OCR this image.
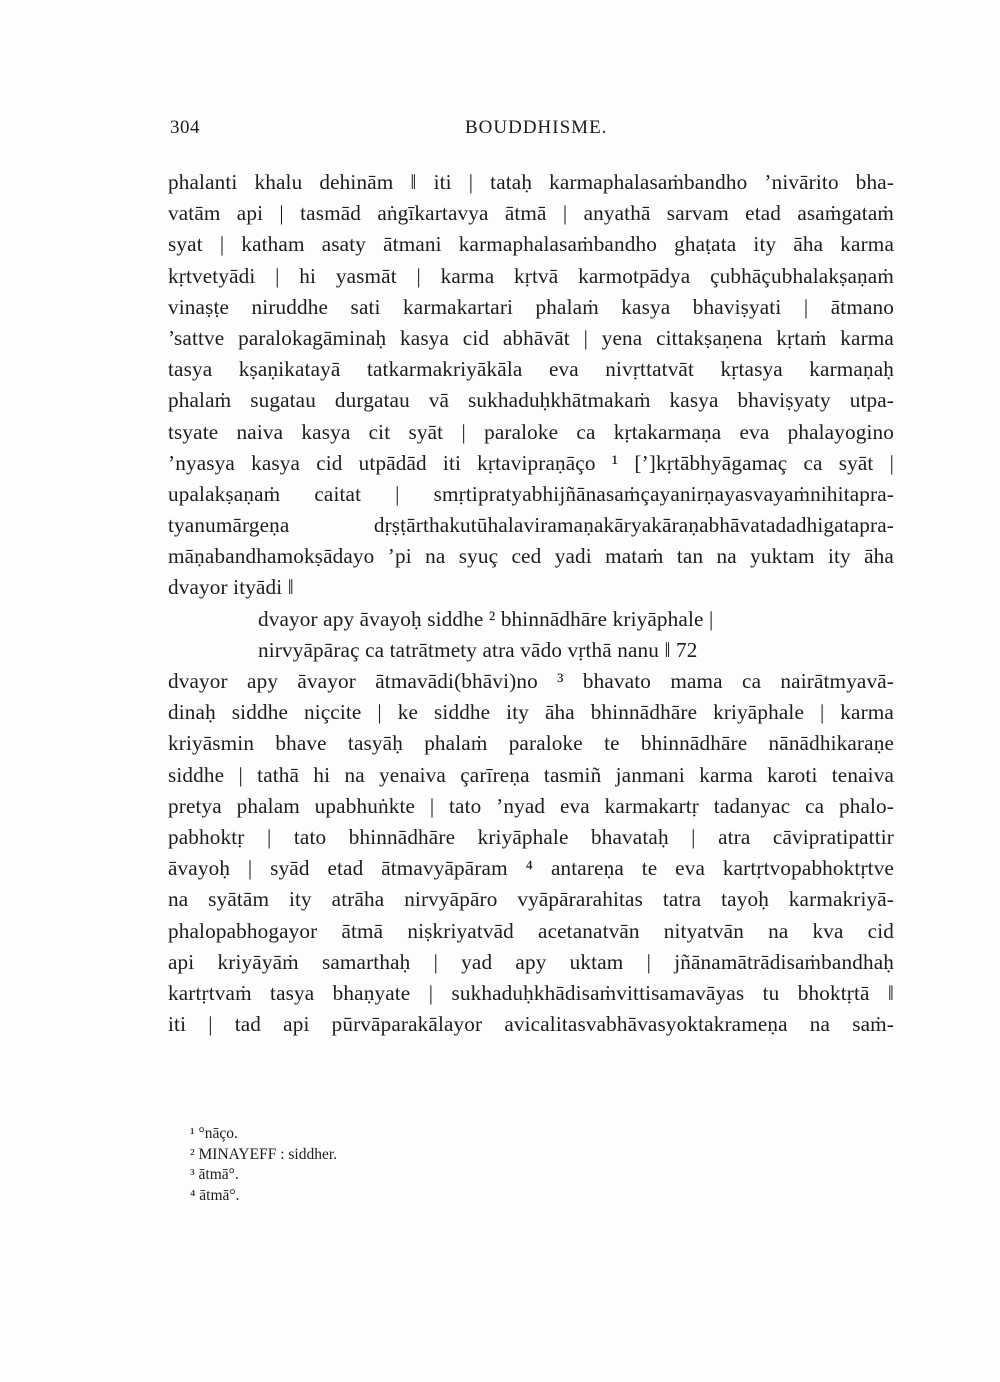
304	BOUDDHISME.
phalanti khalu dehinām ‖ iti | tataḥ karmaphalasaṁbandho ’nivārito bha-
vatām api | tasmād aṅgīkartavya ātmā | anyathā sarvam etad asaṁgataṁ
syat | katham asaty ātmani karmaphalasaṁbandho ghaṭata ity āha karma
kṛtvetyādi | hi yasmāt | karma kṛtvā karmotpādya çubhāçubhalakṣaṇaṁ
vinaṣṭe niruddhe sati karmakartari phalaṁ kasya bhaviṣyati | ātmano
’sattve paralokagāminaḥ kasya cid abhāvāt | yena cittakṣaṇena kṛtaṁ karma
tasya kṣaṇikatayā tatkarmakriyākāla eva nivṛttatvāt kṛtasya karmaṇaḥ
phalaṁ sugatau durgatau vā sukhaduḥkhātmakaṁ kasya bhaviṣyaty utpa-
tsyate naiva kasya cit syāt | paraloke ca kṛtakarmaṇa eva phalayogino
’nyasya kasya cid utpādād iti kṛtavipraṇāço ¹ [’]kṛtābhyāgamaç ca syāt |
upalakṣaṇaṁ caitat | smṛtipratyabhijñānasaṁçayanirṇayasvayaṁnihitapra-
tyanumārgeṇa dṛṣṭārthakutūhalaviramaṇakāryakāraṇabhāvatadadhigatapra-
māṇabandhamokṣādayo ’pi na syuç ced yadi mataṁ tan na yuktam ity āha
dvayor ityādi ‖
dvayor apy āvayoḥ siddhe ² bhinnādhāre kriyāphale |
nirvyāpāraç ca tatrātmety atra vādo vṛthā nanu ‖ 72
dvayor apy āvayor ātmavādi(bhāvi)no ³ bhavato mama ca nairātmyavā-
dinaḥ siddhe niçcite | ke siddhe ity āha bhinnādhāre kriyāphale | karma
kriyāsmin bhave tasyāḥ phalaṁ paraloke te bhinnādhāre nānādhikaraṇe
siddhe | tathā hi na yenaiva çarīreṇa tasmiñ janmani karma karoti tenaiva
pretya phalam upabhuṅkte | tato ’nyad eva karmakartṛ tadanyac ca phalo-
pabhoktṛ | tato bhinnādhāre kriyāphale bhavataḥ | atra cāvipratipattir
āvayoḥ | syād etad ātmavyāpāram ⁴ antareṇa te eva kartṛtvopabhoktṛtve
na syātām ity atrāha nirvyāpāro vyāpārarahitas tatra tayoḥ karmakriyā-
phalopabhogayor ātmā niṣkriyatvād acetanatvān nityatvān na kva cid
api kriyāyāṁ samarthaḥ | yad apy uktam | jñānamātrādisaṁbandhaḥ
kartṛtvaṁ tasya bhaṇyate | sukhaduḥkhādisaṁvittisamavāyas tu bhoktṛtā ‖
iti | tad api pūrvāparakālayor avicalitasvabhāvasyoktakrameṇa na saṁ-
¹ °nāço.
² MINAYEFF : siddher.
³ ātmā°.
⁴ ātmā°.
